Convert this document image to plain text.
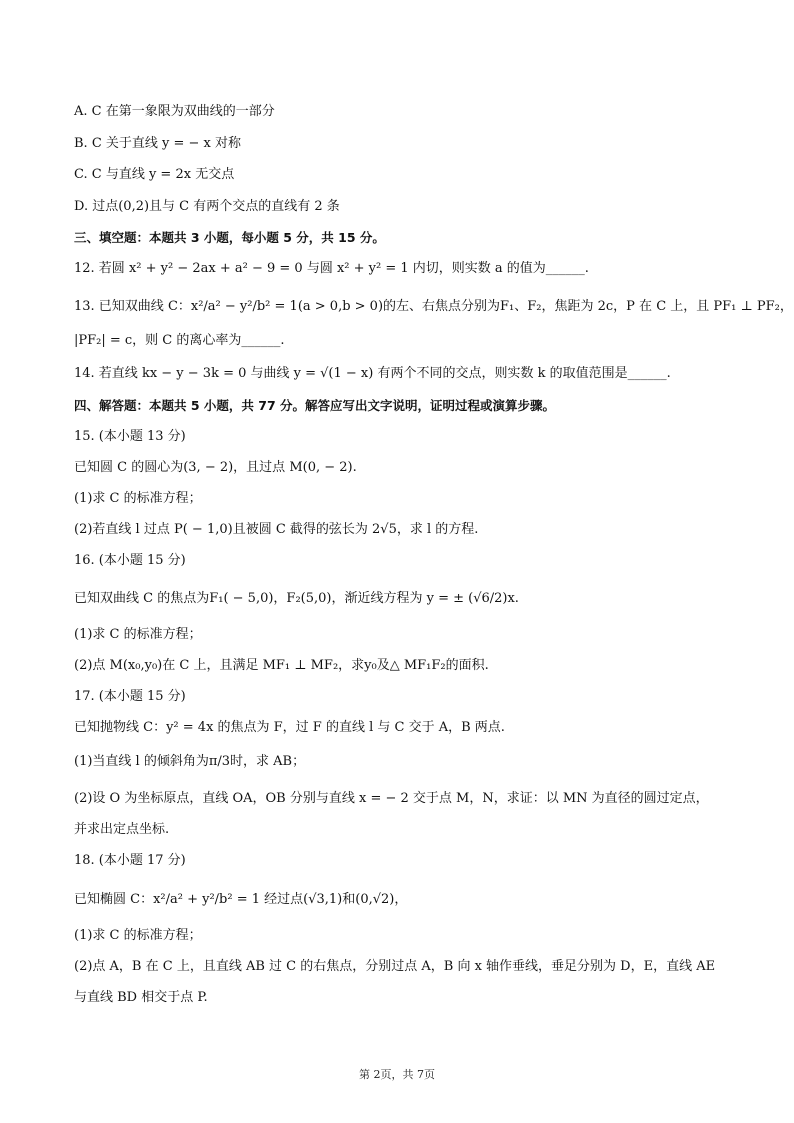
A. C 在第一象限为双曲线的一部分
B. C 关于直线 y = − x 对称
C. C 与直线 y = 2x 无交点
D. 过点(0,2)且与 C 有两个交点的直线有 2 条
三、填空题：本题共 3 小题，每小题 5 分，共 15 分。
12. 若圆 x² + y² − 2ax + a² − 9 = 0 与圆 x² + y² = 1 内切，则实数 a 的值为______.
13. 已知双曲线 C：x²/a² − y²/b² = 1(a > 0,b > 0)的左、右焦点分别为F₁、F₂，焦距为 2c，P 在 C 上，且 PF₁ ⊥ PF₂，
|PF₂| = c，则 C 的离心率为______.
14. 若直线 kx − y − 3k = 0 与曲线 y = √(1 − x) 有两个不同的交点，则实数 k 的取值范围是______.
四、解答题：本题共 5 小题，共 77 分。解答应写出文字说明，证明过程或演算步骤。
15. (本小题 13 分)
已知圆 C 的圆心为(3, − 2)，且过点 M(0, − 2).
(1)求 C 的标准方程；
(2)若直线 l 过点 P( − 1,0)且被圆 C 截得的弦长为 2√5，求 l 的方程.
16. (本小题 15 分)
已知双曲线 C 的焦点为F₁( − 5,0)，F₂(5,0)，渐近线方程为 y = ± (√6/2)x.
(1)求 C 的标准方程；
(2)点 M(x₀,y₀)在 C 上，且满足 MF₁ ⊥ MF₂，求y₀及△ MF₁F₂的面积.
17. (本小题 15 分)
已知抛物线 C：y² = 4x 的焦点为 F，过 F 的直线 l 与 C 交于 A，B 两点.
(1)当直线 l 的倾斜角为π/3时，求 AB；
(2)设 O 为坐标原点，直线 OA，OB 分别与直线 x = − 2 交于点 M，N，求证：以 MN 为直径的圆过定点，
并求出定点坐标.
18. (本小题 17 分)
已知椭圆 C：x²/a² + y²/b² = 1 经过点(√3,1)和(0,√2)，
(1)求 C 的标准方程；
(2)点 A，B 在 C 上，且直线 AB 过 C 的右焦点，分别过点 A，B 向 x 轴作垂线，垂足分别为 D，E，直线 AE
与直线 BD 相交于点 P.
第 2页，共 7页
